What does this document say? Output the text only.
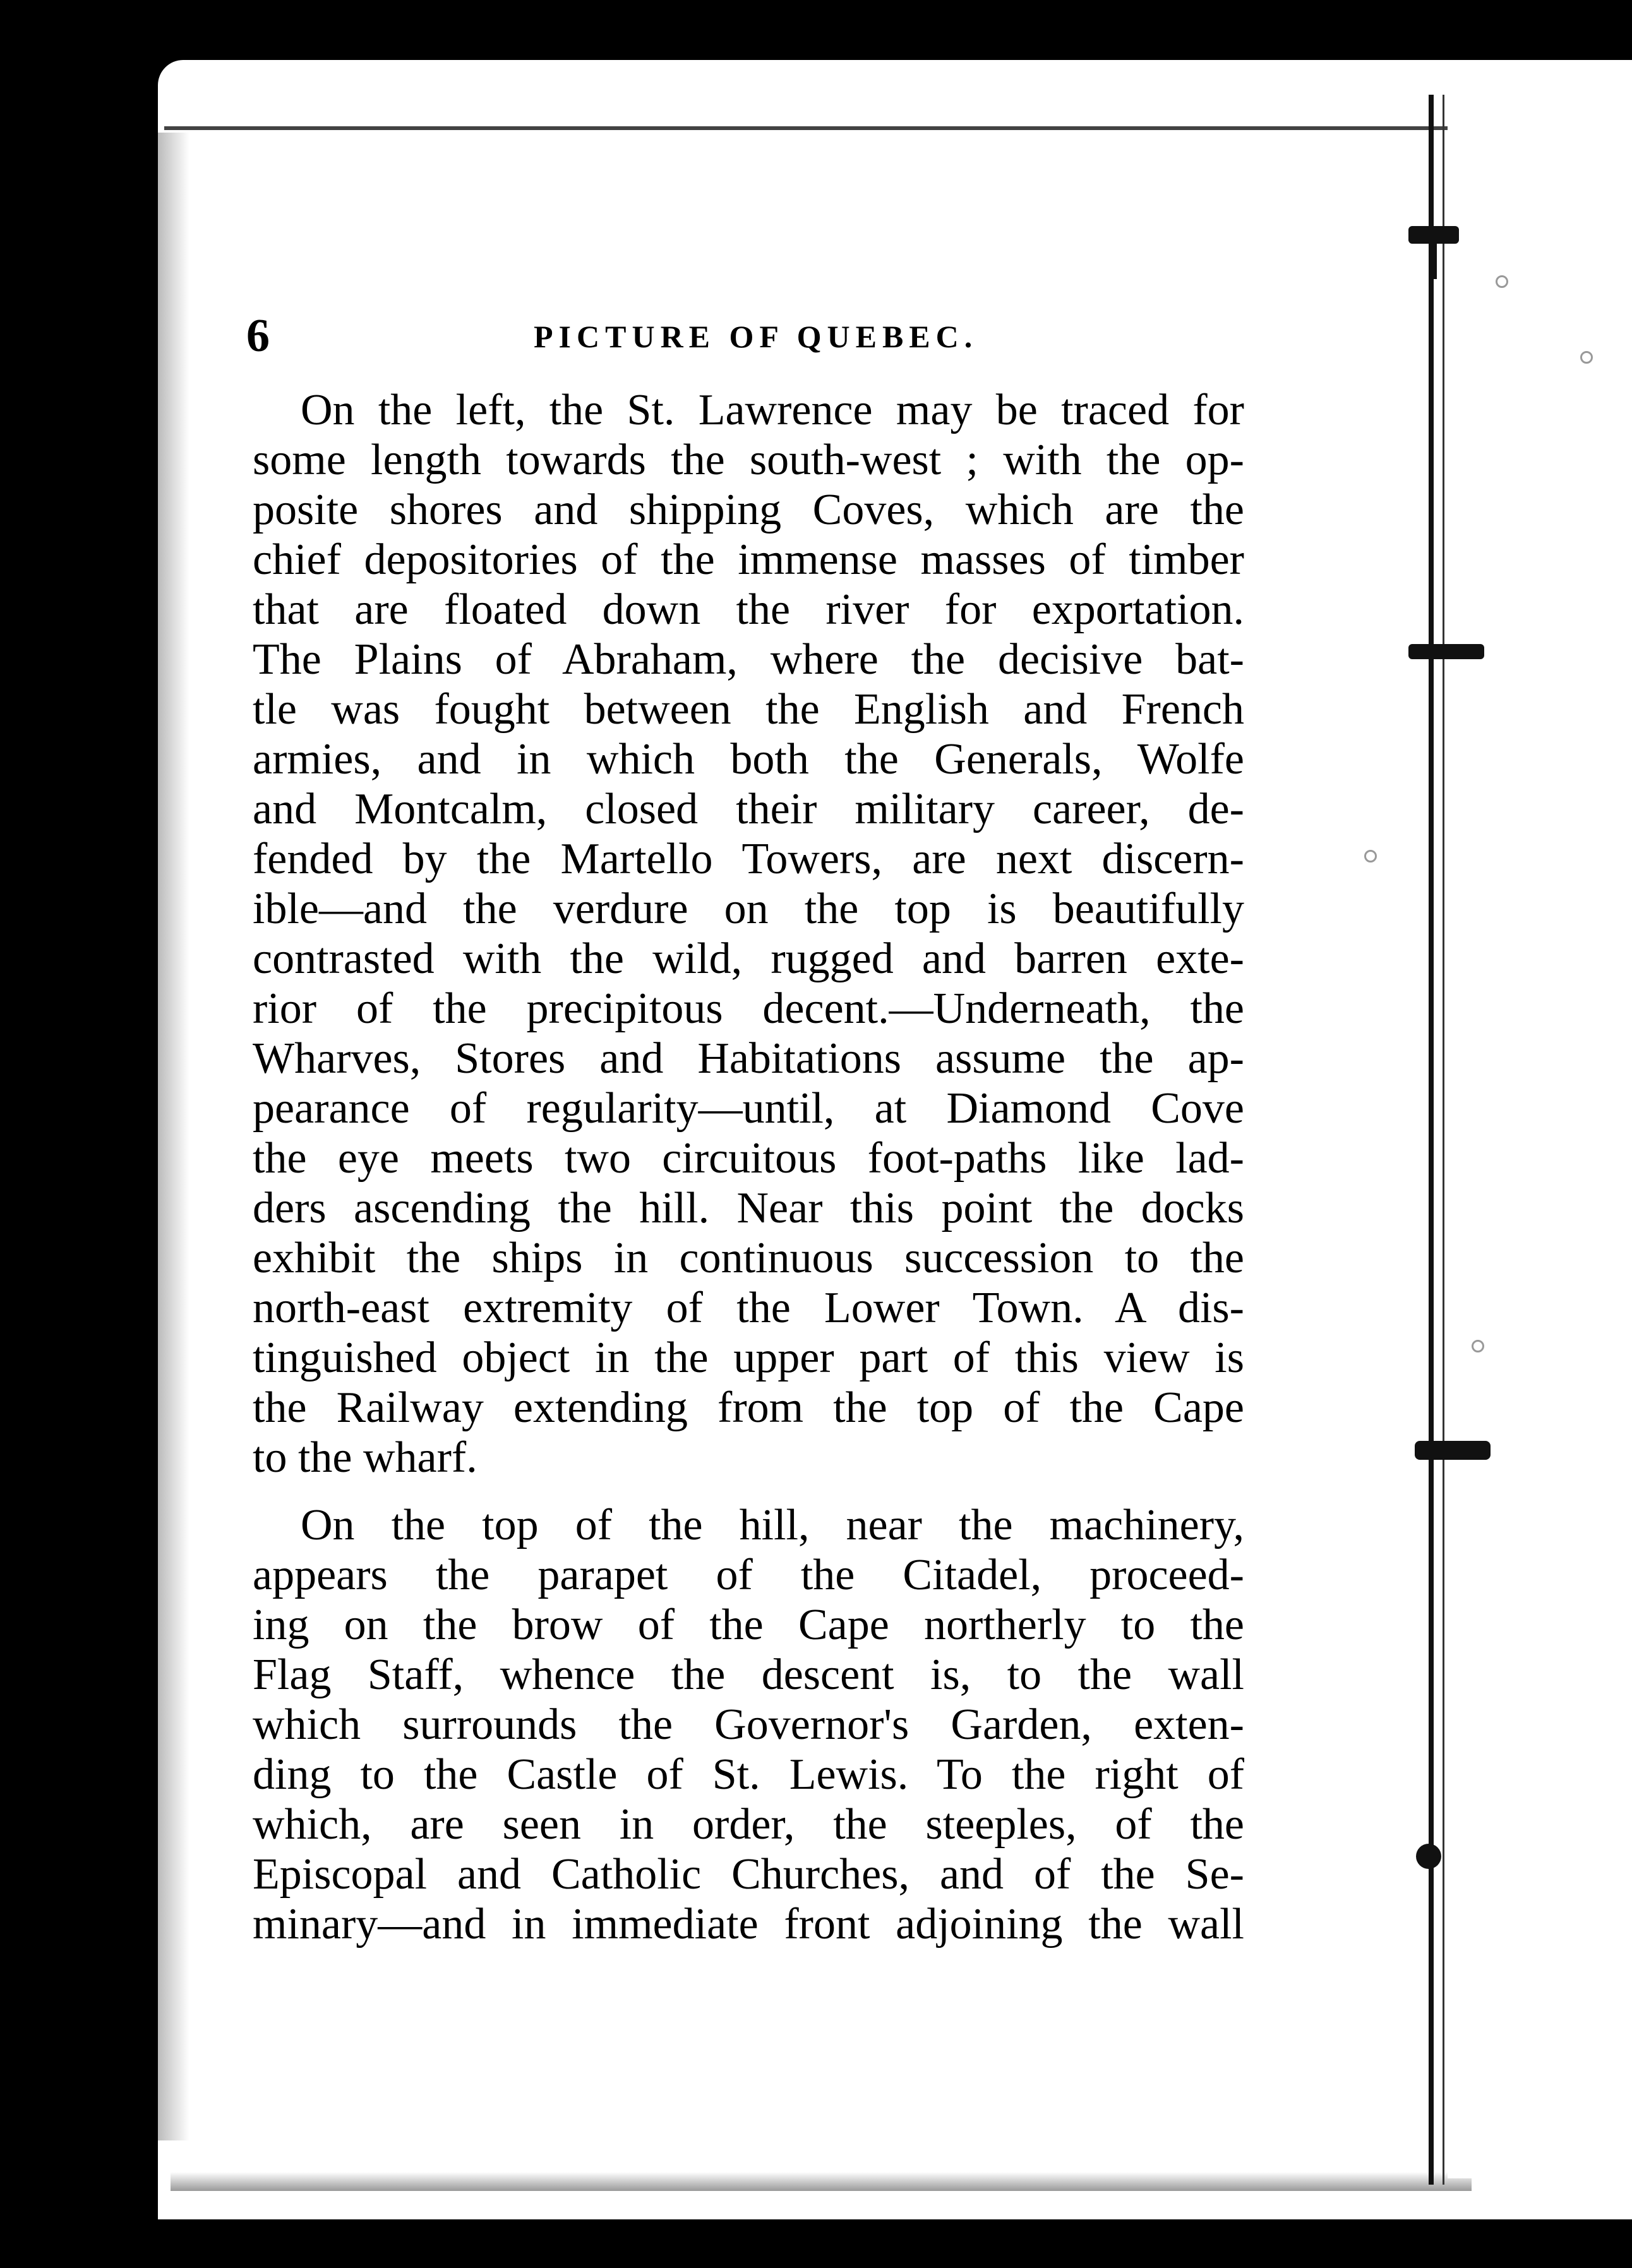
6	PICTURE OF QUEBEC.
On the left, the St. Lawrence may be traced for
some length towards the south-west ; with the op-
posite shores and shipping Coves, which are the
chief depositories of the immense masses of timber
that are floated down the river for exportation.
The Plains of Abraham, where the decisive bat-
tle was fought between the English and French
armies, and in which both the Generals, Wolfe
and Montcalm, closed their military career, de-
fended by the Martello Towers, are next discern-
ible—and the verdure on the top is beautifully
contrasted with the wild, rugged and barren exte-
rior of the precipitous decent.—Underneath, the
Wharves, Stores and Habitations assume the ap-
pearance of regularity—until, at Diamond Cove
the eye meets two circuitous foot-paths like lad-
ders ascending the hill. Near this point the docks
exhibit the ships in continuous succession to the
north-east extremity of the Lower Town. A dis-
tinguished object in the upper part of this view is
the Railway extending from the top of the Cape
to the wharf.
On the top of the hill, near the machinery,
appears the parapet of the Citadel, proceed-
ing on the brow of the Cape northerly to the
Flag Staff, whence the descent is, to the wall
which surrounds the Governor's Garden, exten-
ding to the Castle of St. Lewis. To the right of
which, are seen in order, the steeples, of the
Episcopal and Catholic Churches, and of the Se-
minary—and in immediate front adjoining the wall
